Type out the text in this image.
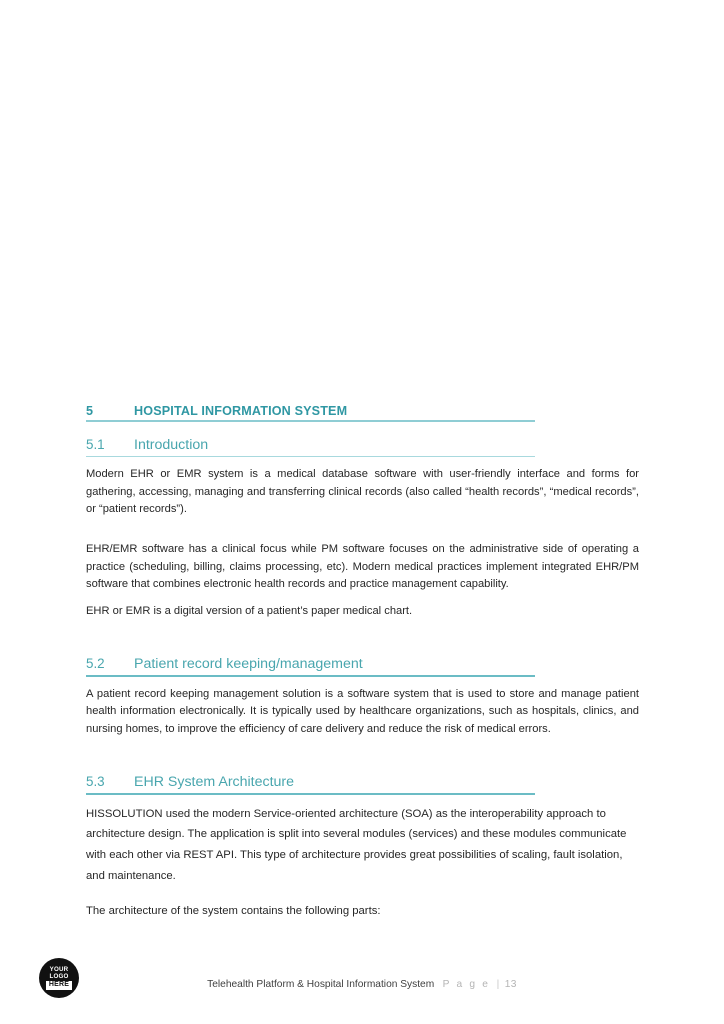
5	HOSPITAL INFORMATION SYSTEM
5.1	Introduction

Modern EHR or EMR system is a medical database software with user-friendly interface and forms for gathering, accessing, managing and transferring clinical records (also called “health records”, “medical records”, or “patient records”).

EHR/EMR software has a clinical focus while PM software focuses on the administrative side of operating a practice (scheduling, billing, claims processing, etc). Modern medical practices implement integrated EHR/PM software that combines electronic health records and practice management capability.

EHR or EMR is a digital version of a patient’s paper medical chart.

5.2	Patient record keeping/management

A patient record keeping management solution is a software system that is used to store and manage patient health information electronically. It is typically used by healthcare organizations, such as hospitals, clinics, and nursing homes, to improve the efficiency of care delivery and reduce the risk of medical errors.

5.3	EHR System Architecture

HISSOLUTION used the modern Service-oriented architecture (SOA) as the interoperability approach to architecture design. The application is split into several modules (services) and these modules communicate with each other via REST API. This type of architecture provides great possibilities of scaling, fault isolation, and maintenance.

The architecture of the system contains the following parts:

YOUR
LOGO
HERE	Telehealth Platform & Hospital Information System P a g e | 13
